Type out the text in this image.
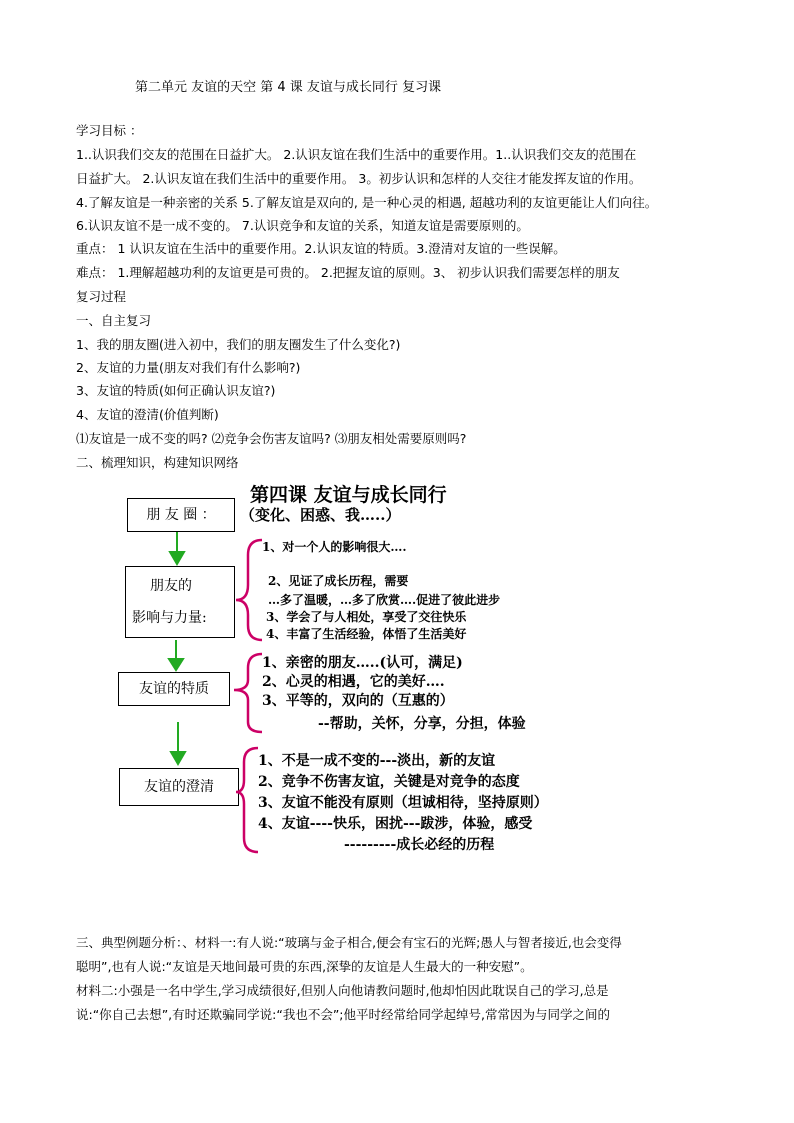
第二单元 友谊的天空 第 4 课 友谊与成长同行 复习课
学习目标 ：
1..认识我们交友的范围在日益扩大。 2.认识友谊在我们生活中的重要作用。1..认识我们交友的范围在
日益扩大。 2.认识友谊在我们生活中的重要作用。 3。初步认识和怎样的人交往才能发挥友谊的作用。
4.了解友谊是一种亲密的关系 5.了解友谊是双向的, 是一种心灵的相遇, 超越功利的友谊更能让人们向往。
6.认识友谊不是一成不变的。 7.认识竞争和友谊的关系，知道友谊是需要原则的。
重点： 1 认识友谊在生活中的重要作用。2.认识友谊的特质。3.澄清对友谊的一些误解。
难点： 1.理解超越功利的友谊更是可贵的。 2.把握友谊的原则。3、 初步认识我们需要怎样的朋友
复习过程
一、自主复习
1、我的朋友圈(进入初中，我们的朋友圈发生了什么变化?)
2、友谊的力量(朋友对我们有什么影响?)
3、友谊的特质(如何正确认识友谊?)
4、友谊的澄清(价值判断)
⑴友谊是一成不变的吗? ⑵竞争会伤害友谊吗? ⑶朋友相处需要原则吗?
二、梳理知识，构建知识网络
第四课 友谊与成长同行
（变化、困惑、我…..）
朋 友 圈 ：
朋友的
影响与力量:
友谊的特质
友谊的澄清
1、对一个人的影响很大….
2、见证了成长历程，需要
…多了温暖，…多了欣赏….促进了彼此进步
3、学会了与人相处，享受了交往快乐
4、丰富了生活经验，体悟了生活美好
1、亲密的朋友…..(认可，满足)
2、心灵的相遇，它的美好….
3、平等的，双向的（互惠的）
--帮助，关怀，分享，分担，体验
1、不是一成不变的---淡出，新的友谊
2、竞争不伤害友谊，关键是对竞争的态度
3、友谊不能没有原则（坦诚相待，坚持原则）
4、友谊----快乐，困扰---跋涉，体验，感受
---------成长必经的历程
三、典型例题分析：、材料一:有人说:“玻璃与金子相合,便会有宝石的光辉;愚人与智者接近,也会变得
聪明”,也有人说:“友谊是天地间最可贵的东西,深挚的友谊是人生最大的一种安慰”。
材料二:小强是一名中学生,学习成绩很好,但别人向他请教问题时,他却怕因此耽误自己的学习,总是
说:“你自己去想”,有时还欺骗同学说:“我也不会”;他平时经常给同学起绰号,常常因为与同学之间的
